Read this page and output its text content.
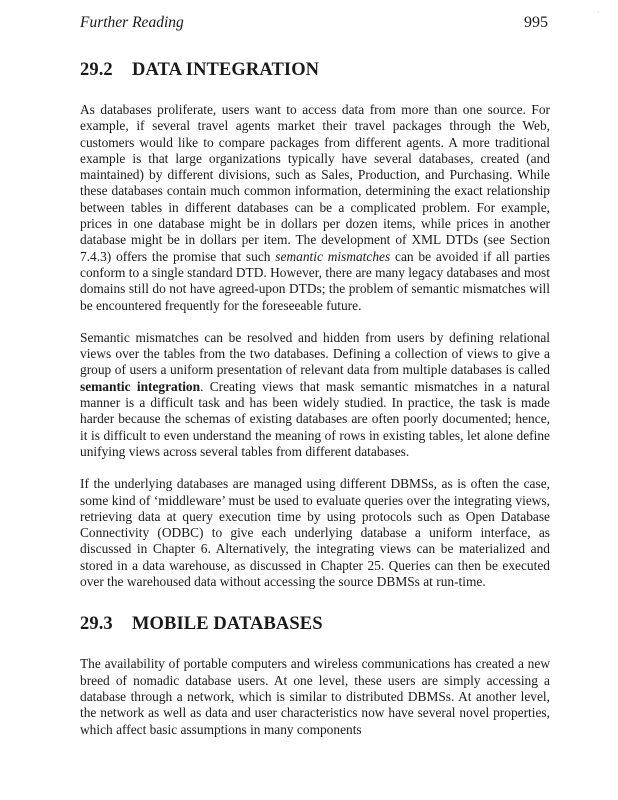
·
Further Reading	995
29.2 DATA INTEGRATION

As databases proliferate, users want to access data from more than one source. For example, if several travel agents market their travel packages through the Web, customers would like to compare packages from different agents. A more traditional example is that large organizations typically have several databases, created (and maintained) by different divisions, such as Sales, Production, and Purchasing. While these databases contain much common information, determining the exact relationship between tables in different databases can be a complicated problem. For example, prices in one database might be in dollars per dozen items, while prices in another database might be in dollars per item. The development of XML DTDs (see Section 7.4.3) offers the promise that such semantic mismatches can be avoided if all parties conform to a single standard DTD. However, there are many legacy databases and most domains still do not have agreed-upon DTDs; the problem of semantic mismatches will be encountered frequently for the foreseeable future.

Semantic mismatches can be resolved and hidden from users by defining relational views over the tables from the two databases. Defining a collection of views to give a group of users a uniform presentation of relevant data from multiple databases is called semantic integration. Creating views that mask semantic mismatches in a natural manner is a difficult task and has been widely studied. In practice, the task is made harder because the schemas of existing databases are often poorly documented; hence, it is difficult to even understand the meaning of rows in existing tables, let alone define unifying views across several tables from different databases.

If the underlying databases are managed using different DBMSs, as is often the case, some kind of ‘middleware’ must be used to evaluate queries over the integrating views, retrieving data at query execution time by using protocols such as Open Database Connectivity (ODBC) to give each underlying database a uniform interface, as discussed in Chapter 6. Alternatively, the integrating views can be materialized and stored in a data warehouse, as discussed in Chapter 25. Queries can then be executed over the warehoused data without accessing the source DBMSs at run-time.

29.3 MOBILE DATABASES

The availability of portable computers and wireless communications has created a new breed of nomadic database users. At one level, these users are simply accessing a database through a network, which is similar to distributed DBMSs. At another level, the network as well as data and user characteristics now have several novel properties, which affect basic assumptions in many components
